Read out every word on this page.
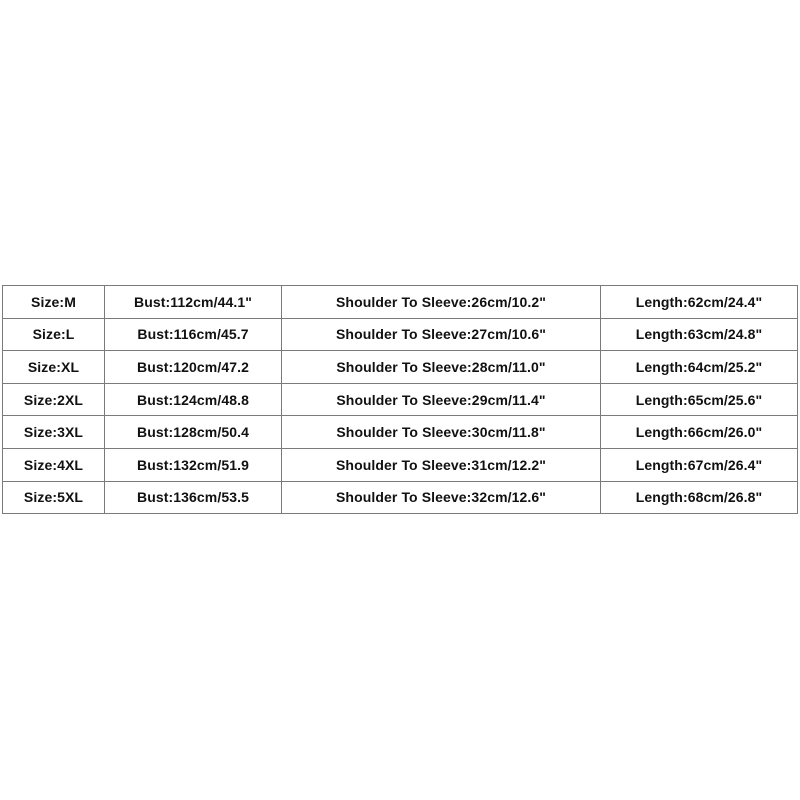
Size:M	Bust:112cm/44.1"	Shoulder To Sleeve:26cm/10.2"	Length:62cm/24.4"
Size:L	Bust:116cm/45.7	Shoulder To Sleeve:27cm/10.6"	Length:63cm/24.8"
Size:XL	Bust:120cm/47.2	Shoulder To Sleeve:28cm/11.0"	Length:64cm/25.2"
Size:2XL	Bust:124cm/48.8	Shoulder To Sleeve:29cm/11.4"	Length:65cm/25.6"
Size:3XL	Bust:128cm/50.4	Shoulder To Sleeve:30cm/11.8"	Length:66cm/26.0"
Size:4XL	Bust:132cm/51.9	Shoulder To Sleeve:31cm/12.2"	Length:67cm/26.4"
Size:5XL	Bust:136cm/53.5	Shoulder To Sleeve:32cm/12.6"	Length:68cm/26.8"
